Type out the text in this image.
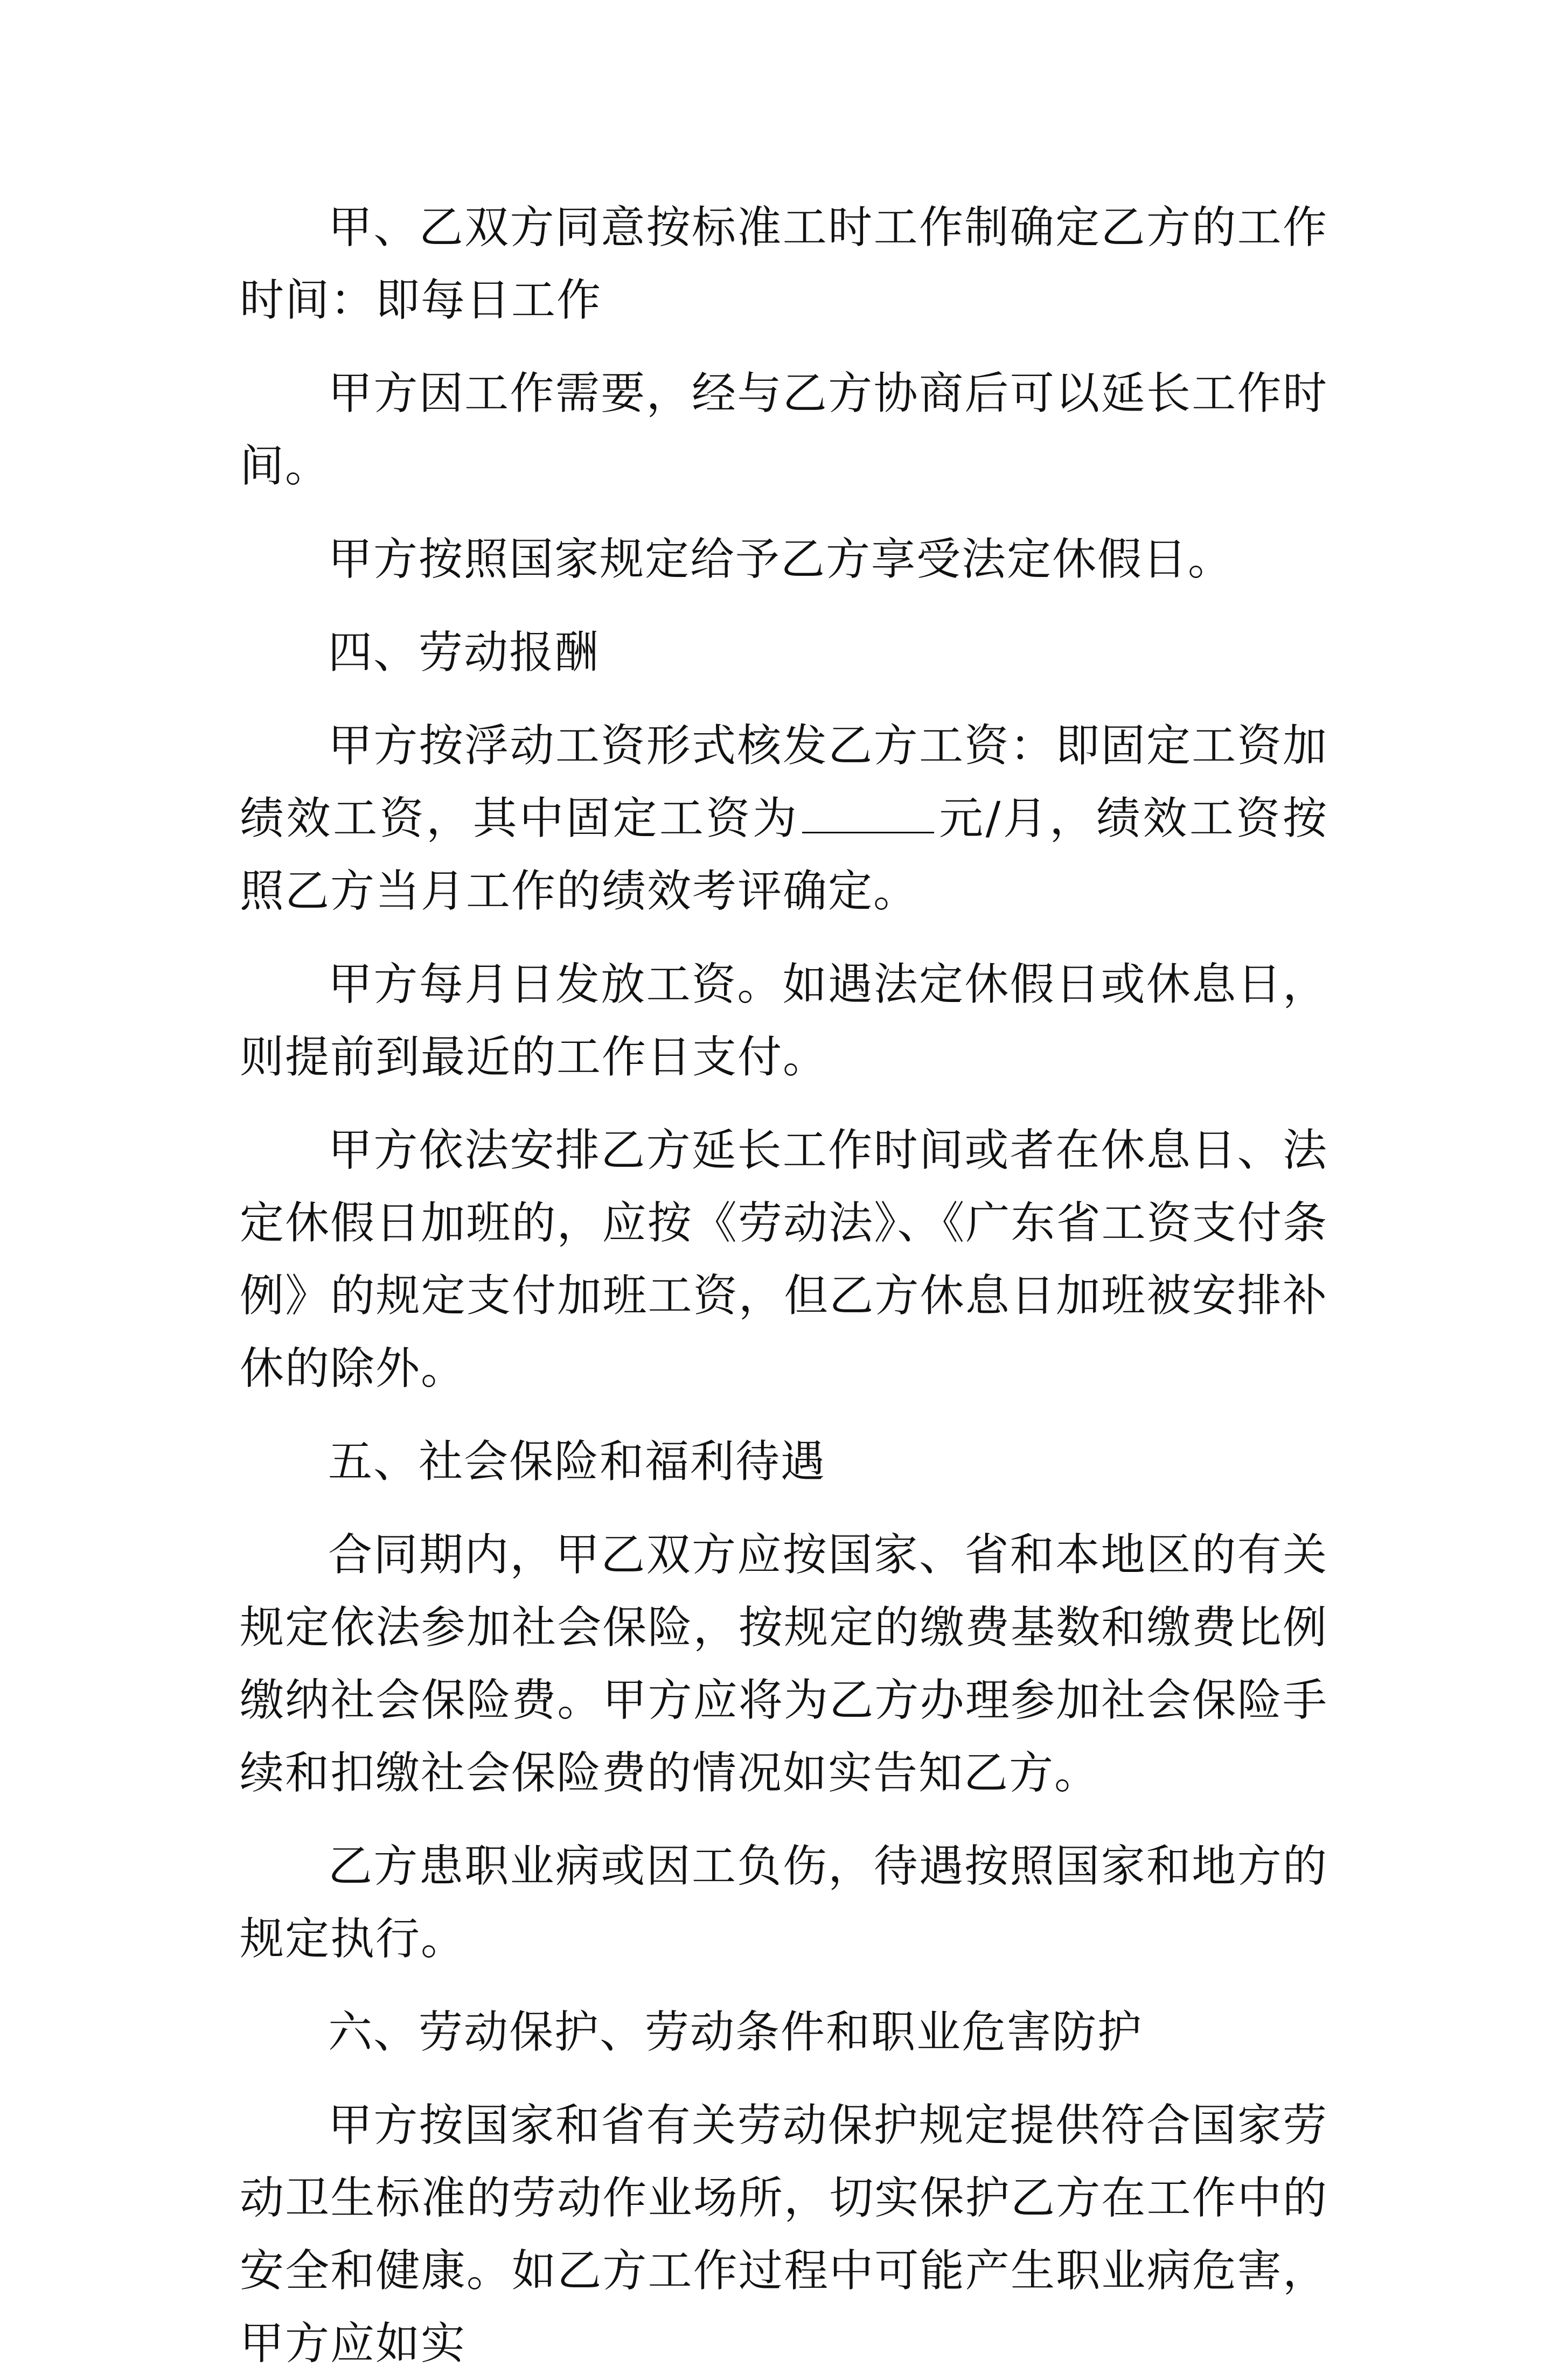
甲、乙双方同意按标准工时工作制确定乙方的工作时间：即每日工作

甲方因工作需要，经与乙方协商后可以延长工作时间。

甲方按照国家规定给予乙方享受法定休假日。

四、劳动报酬

甲方按浮动工资形式核发乙方工资：即固定工资加绩效工资，其中固定工资为	元/月，绩效工资按照乙方当月工作的绩效考评确定。

甲方每月日发放工资。如遇法定休假日或休息日，则提前到最近的工作日支付。

甲方依法安排乙方延长工作时间或者在休息日、法定休假日加班的，应按《劳动法》、《广东省工资支付条例》的规定支付加班工资，但乙方休息日加班被安排补休的除外。

五、社会保险和福利待遇

合同期内，甲乙双方应按国家、省和本地区的有关规定依法参加社会保险，按规定的缴费基数和缴费比例缴纳社会保险费。甲方应将为乙方办理参加社会保险手续和扣缴社会保险费的情况如实告知乙方。

乙方患职业病或因工负伤，待遇按照国家和地方的规定执行。

六、劳动保护、劳动条件和职业危害防护

甲方按国家和省有关劳动保护规定提供符合国家劳动卫生标准的劳动作业场所，切实保护乙方在工作中的安全和健康。如乙方工作过程中可能产生职业病危害，甲方应如实
